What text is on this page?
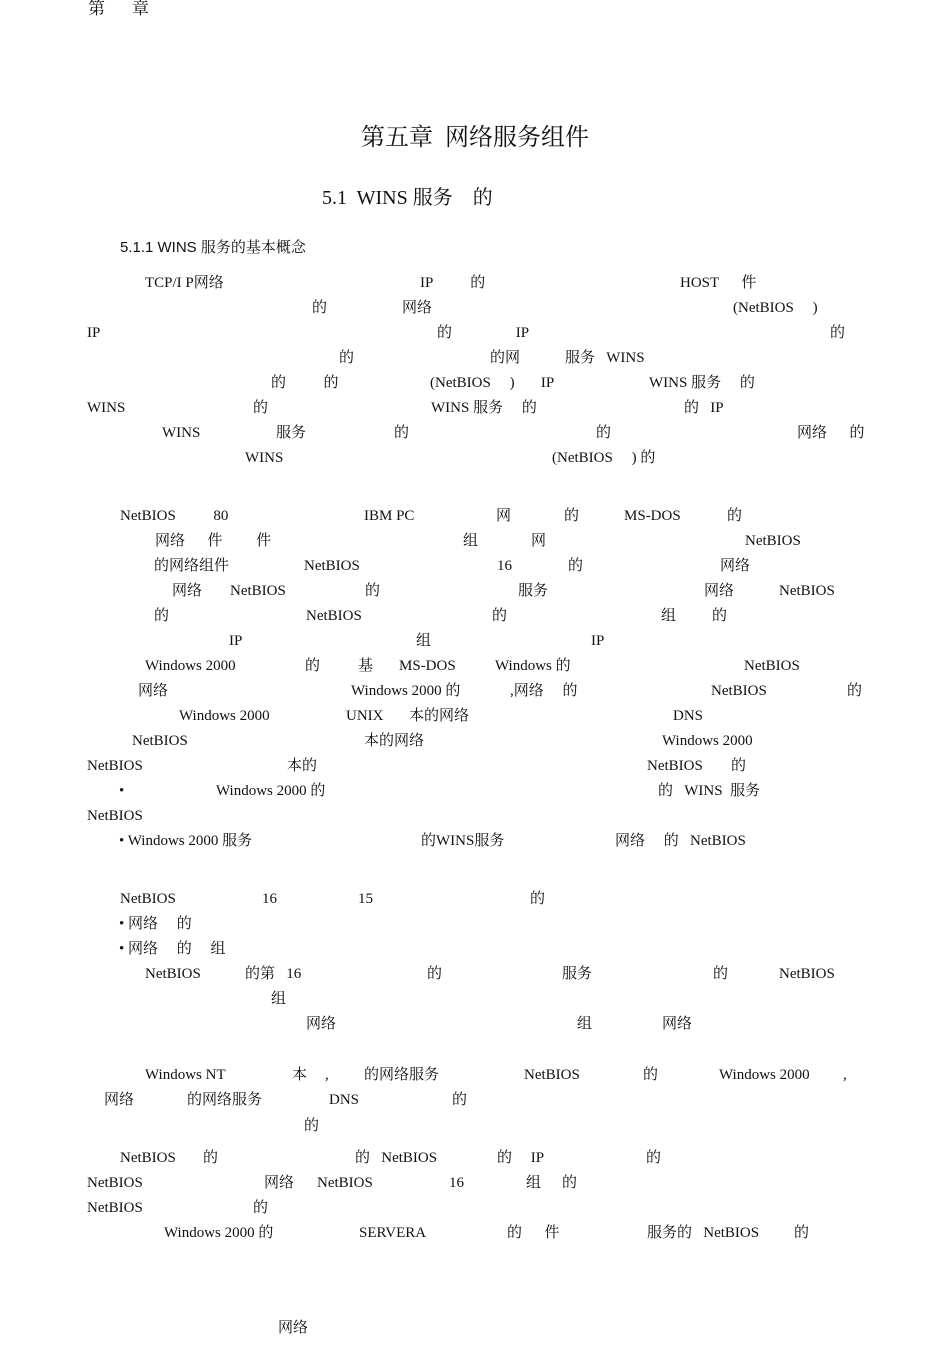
第    章
第五章  网络服务组件
5.1  WINS 服务    的
5.1.1 WINS 服务的基本概念
TCP/I P网络	IP          的	HOST      件
的                    网络	(NetBIOS     )
IP	的                 IP	的
的	的网            服务   WINS
的          的	(NetBIOS     )       IP	WINS 服务     的
WINS	的	WINS 服务     的	的   IP
WINS	服务	的	的	网络      的
WINS	(NetBIOS     ) 的
NetBIOS          80	IBM PC	网	的	MS-DOS	的
网络      件         件	组	网	NetBIOS
的网络组件	NetBIOS	16	的	网络
网络 NetBIOS	的	服务	网络	NetBIOS
的	NetBIOS	的	组 的
IP	组	IP
Windows 2000	的	基 MS-DOS	Windows 的	NetBIOS
网络	Windows 2000 的	,网络     的	NetBIOS	的
Windows 2000	UNIX 本的网络	DNS
NetBIOS	本的网络	Windows 2000
NetBIOS	本的	NetBIOS 的
•	Windows 2000 的	的   WINS  服务
NetBIOS
• Windows 2000 服务	的WINS服务	网络     的   NetBIOS
NetBIOS	16	15	的
• 网络     的
• 网络     的     组
NetBIOS	的第   16	的	服务	的	NetBIOS
组
网络	组	网络
Windows NT	本 , 的网络服务	NetBIOS	的	Windows 2000 ,
网络	的网络服务	DNS	的
的
NetBIOS 的	的   NetBIOS	的     IP	的
NetBIOS	网络 NetBIOS	16	组 的
NetBIOS	的
Windows 2000 的	SERVERA	的      件	服务的   NetBIOS 的
网络
